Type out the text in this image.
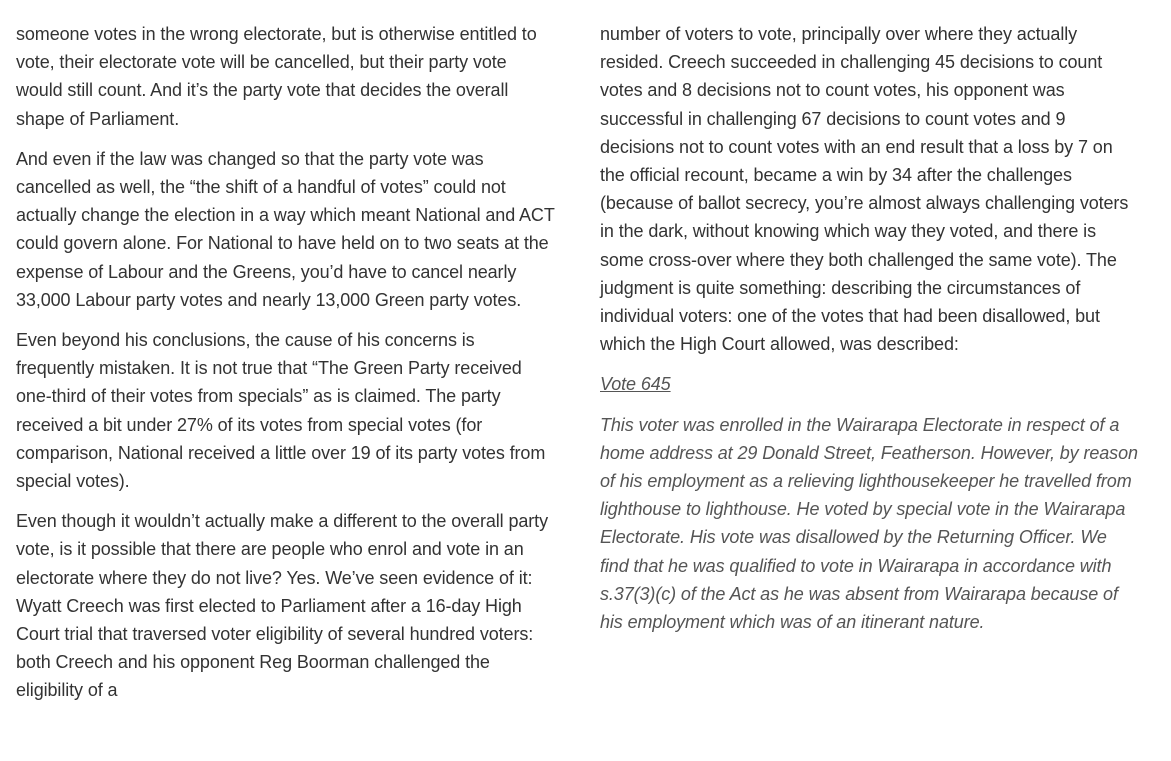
someone votes in the wrong electorate, but is otherwise entitled to vote, their electorate vote will be cancelled, but their party vote would still count. And it’s the party vote that decides the overall shape of Parliament.

And even if the law was changed so that the party vote was cancelled as well, the “the shift of a handful of votes” could not actually change the election in a way which meant National and ACT could govern alone. For National to have held on to two seats at the expense of Labour and the Greens, you’d have to cancel nearly 33,000 Labour party votes and nearly 13,000 Green party votes.

Even beyond his conclusions, the cause of his concerns is frequently mistaken. It is not true that “The Green Party received one-third of their votes from specials” as is claimed. The party received a bit under 27% of its votes from special votes (for comparison, National received a little over 19 of its party votes from special votes).

Even though it wouldn’t actually make a different to the overall party vote, is it possible that there are people who enrol and vote in an electorate where they do not live? Yes. We’ve seen evidence of it: Wyatt Creech was first elected to Parliament after a 16-day High Court trial that traversed voter eligibility of several hundred voters: both Creech and his opponent Reg Boorman challenged the eligibility of a

number of voters to vote, principally over where they actually resided. Creech succeeded in challenging 45 decisions to count votes and 8 decisions not to count votes, his opponent was successful in challenging 67 decisions to count votes and 9 decisions not to count votes with an end result that a loss by 7 on the official recount, became a win by 34 after the challenges (because of ballot secrecy, you’re almost always challenging voters in the dark, without knowing which way they voted, and there is some cross-over where they both challenged the same vote). The judgment is quite something: describing the circumstances of individual voters: one of the votes that had been disallowed, but which the High Court allowed, was described:

Vote 645

This voter was enrolled in the Wairarapa Electorate in respect of a home address at 29 Donald Street, Featherson. However, by reason of his employment as a relieving lighthousekeeper he travelled from lighthouse to lighthouse. He voted by special vote in the Wairarapa Electorate. His vote was disallowed by the Returning Officer. We find that he was qualified to vote in Wairarapa in accordance with s.37(3)(c) of the Act as he was absent from Wairarapa because of his employment which was of an itinerant nature.
